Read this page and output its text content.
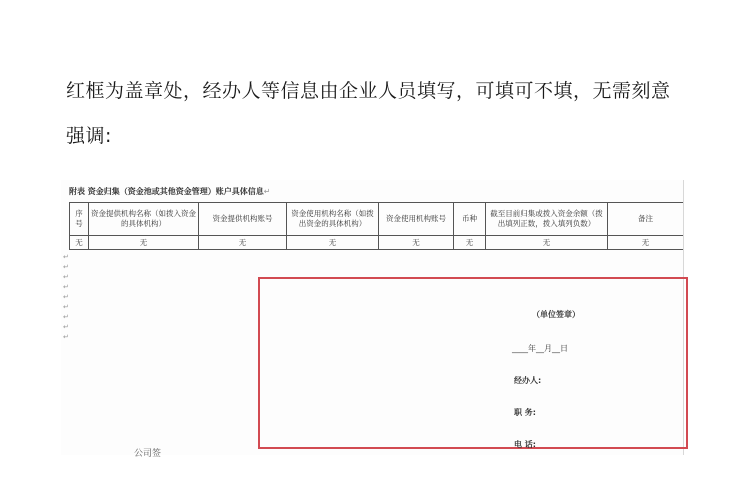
红框为盖章处，经办人等信息由企业人员填写，可填可不填，无需刻意
强调:
附表 资金归集（资金池或其他资金管理）账户具体信息↵
序号	资金提供机构名称（如拨入资金的具体机构）	资金提供机构账号	资金使用机构名称（如拨出资金的具体机构）	资金使用机构账号	币种	截至目前归集或拨入资金余额（拨出填列正数，拨入填列负数）	备注
无	无	无	无	无	无	无	无
↵
↵
↵
↵
↵
↵
↵
↵
↵
（单位签章）
____年__月__日
经办人:
职 务:
电 话:
公司签
